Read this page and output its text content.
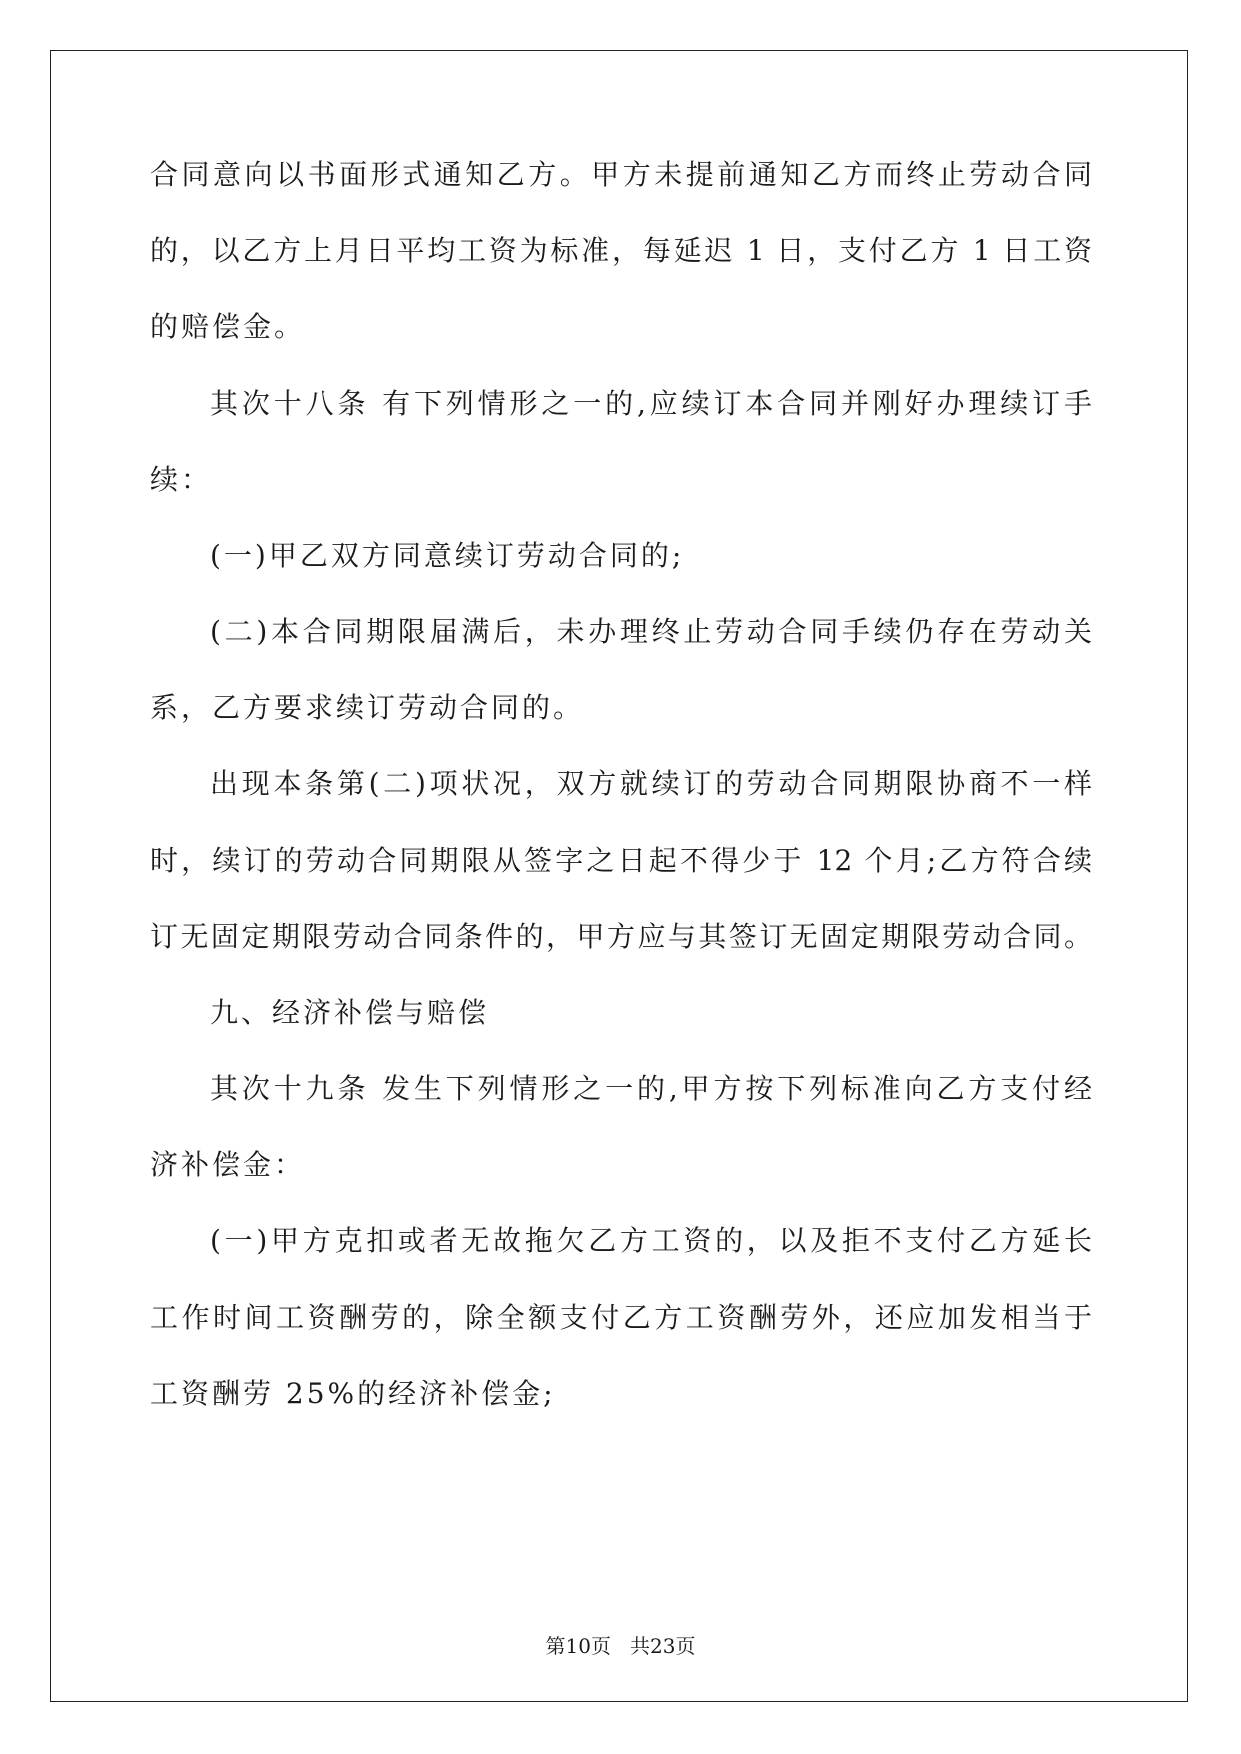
合同意向以书面形式通知乙方。甲方未提前通知乙方而终止劳动合同
的，以乙方上月日平均工资为标准，每延迟 1 日，支付乙方 1 日工资
的赔偿金。
其次十八条 有下列情形之一的,应续订本合同并刚好办理续订手
续：
(一)甲乙双方同意续订劳动合同的;
(二)本合同期限届满后，未办理终止劳动合同手续仍存在劳动关
系，乙方要求续订劳动合同的。
出现本条第(二)项状况，双方就续订的劳动合同期限协商不一样
时，续订的劳动合同期限从签字之日起不得少于 12 个月;乙方符合续
订无固定期限劳动合同条件的，甲方应与其签订无固定期限劳动合同。
九、经济补偿与赔偿
其次十九条 发生下列情形之一的,甲方按下列标准向乙方支付经
济补偿金：
(一)甲方克扣或者无故拖欠乙方工资的，以及拒不支付乙方延长
工作时间工资酬劳的，除全额支付乙方工资酬劳外，还应加发相当于
工资酬劳 25%的经济补偿金;
第10页   共23页
